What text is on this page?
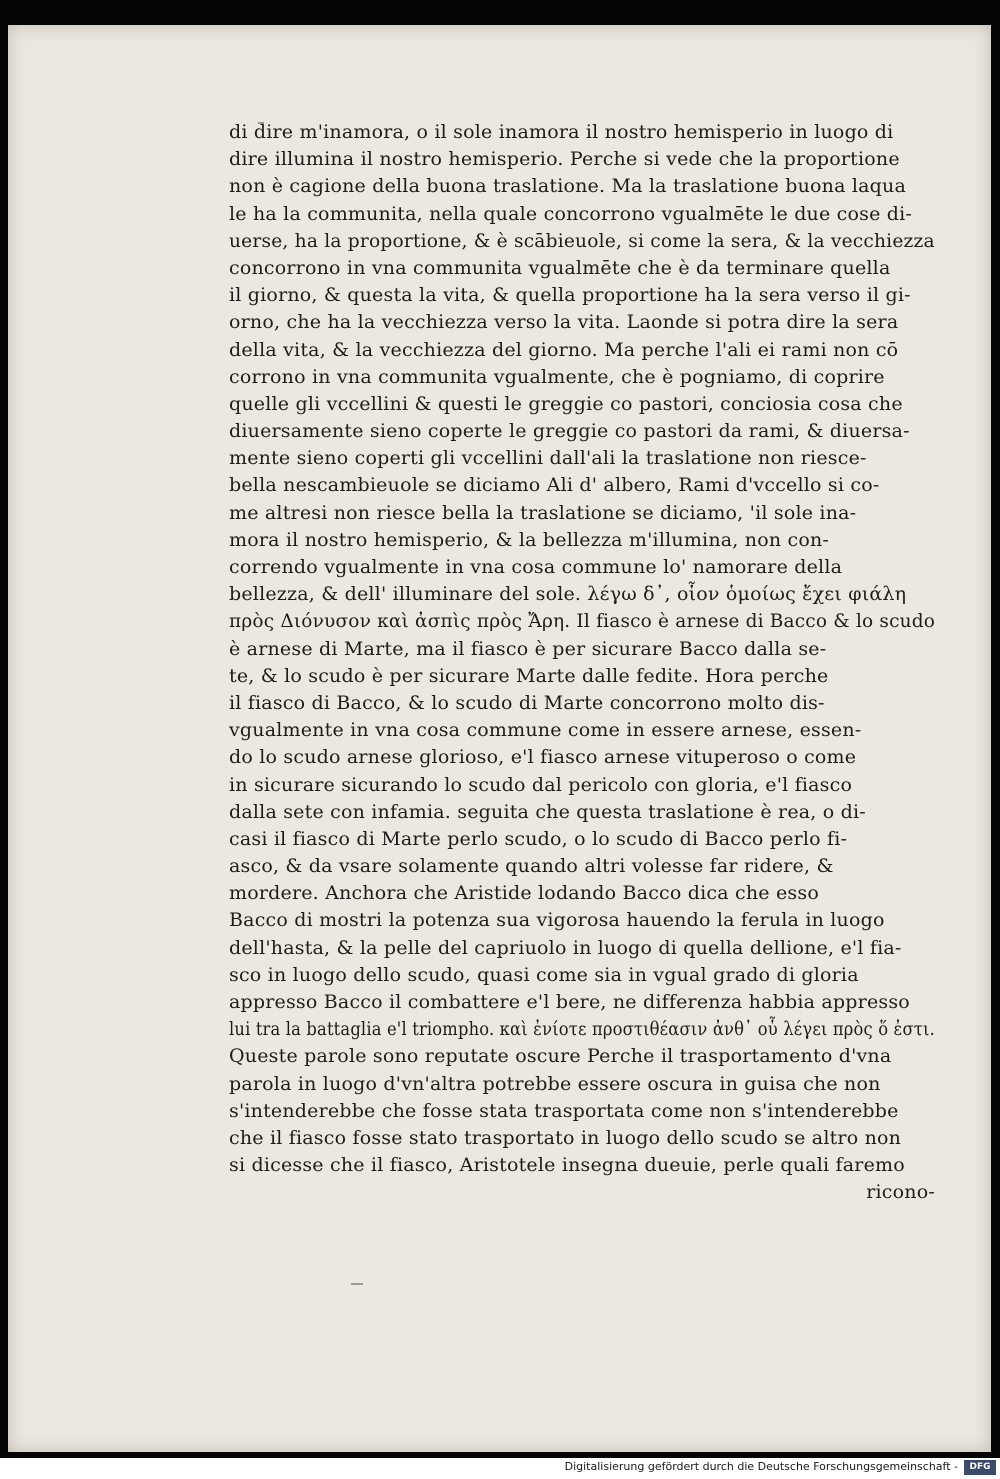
di dire m'inamora, o il sole inamora il nostro hemisperio in luogo di
dire illumina il nostro hemisperio. Perche si vede che la proportione
non è cagione della buona traslatione. Ma la traslatione buona laqua
le ha la communita, nella quale concorrono vgualmēte le due cose di-
uerse, ha la proportione, & è scābieuole, si come la sera, & la vecchiezza
concorrono in vna communita vgualmēte che è da terminare quella
il giorno, & questa la vita, & quella proportione ha la sera verso il gi-
orno, che ha la vecchiezza verso la vita. Laonde si potra dire la sera
della vita, & la vecchiezza del giorno. Ma perche l'ali ei rami non cō
corrono in vna communita vgualmente, che è pogniamo, di coprire
quelle gli vccellini & questi le greggie co pastori, conciosia cosa che
diuersamente sieno coperte le greggie co pastori da rami, & diuersa-
mente sieno coperti gli vccellini dall'ali la traslatione non riesce-
bella nescambieuole se diciamo Ali d' albero, Rami d'vccello si co-
me altresi non riesce bella la traslatione se diciamo, 'il sole ina-
mora il nostro hemisperio, & la bellezza m'illumina, non con-
correndo vgualmente in vna cosa commune lo' namorare della
bellezza, & dell' illuminare del sole. λέγω δ᾽, οἷον ὁμοίως ἔχει φιάλη
πρὸς Διόνυσον καὶ ἀσπὶς πρὸς Ἄρη. Il fiasco è arnese di Bacco & lo scudo
è arnese di Marte, ma il fiasco è per sicurare Bacco dalla se-
te, & lo scudo è per sicurare Marte dalle fedite. Hora perche
il fiasco di Bacco, & lo scudo di Marte concorrono molto dis-
vgualmente in vna cosa commune come in essere arnese, essen-
do lo scudo arnese glorioso, e'l fiasco arnese vituperoso o come
in sicurare sicurando lo scudo dal pericolo con gloria, e'l fiasco
dalla sete con infamia. seguita che questa traslatione è rea, o di-
casi il fiasco di Marte perlo scudo, o lo scudo di Bacco perlo fi-
asco, & da vsare solamente quando altri volesse far ridere, &
mordere. Anchora che Aristide lodando Bacco dica che esso
Bacco di mostri la potenza sua vigorosa hauendo la ferula in luogo
dell'hasta, & la pelle del capriuolo in luogo di quella dellione, e'l fia-
sco in luogo dello scudo, quasi come sia in vgual grado di gloria
appresso Bacco il combattere e'l bere, ne differenza habbia appresso
lui tra la battaglia e'l triompho. καὶ ἐνίοτε προστιθέασιν ἀνθ᾽ οὗ λέγει πρὸς ὅ ἐστι.
Queste parole sono reputate oscure Perche il trasportamento d'vna
parola in luogo d'vn'altra potrebbe essere oscura in guisa che non
s'intenderebbe che fosse stata trasportata come non s'intenderebbe
che il fiasco fosse stato trasportato in luogo dello scudo se altro non
si dicesse che il fiasco, Aristotele insegna dueuie, perle quali faremo
ricono-
Digitalisierung gefördert durch die Deutsche Forschungsgemeinschaft -	DFG
